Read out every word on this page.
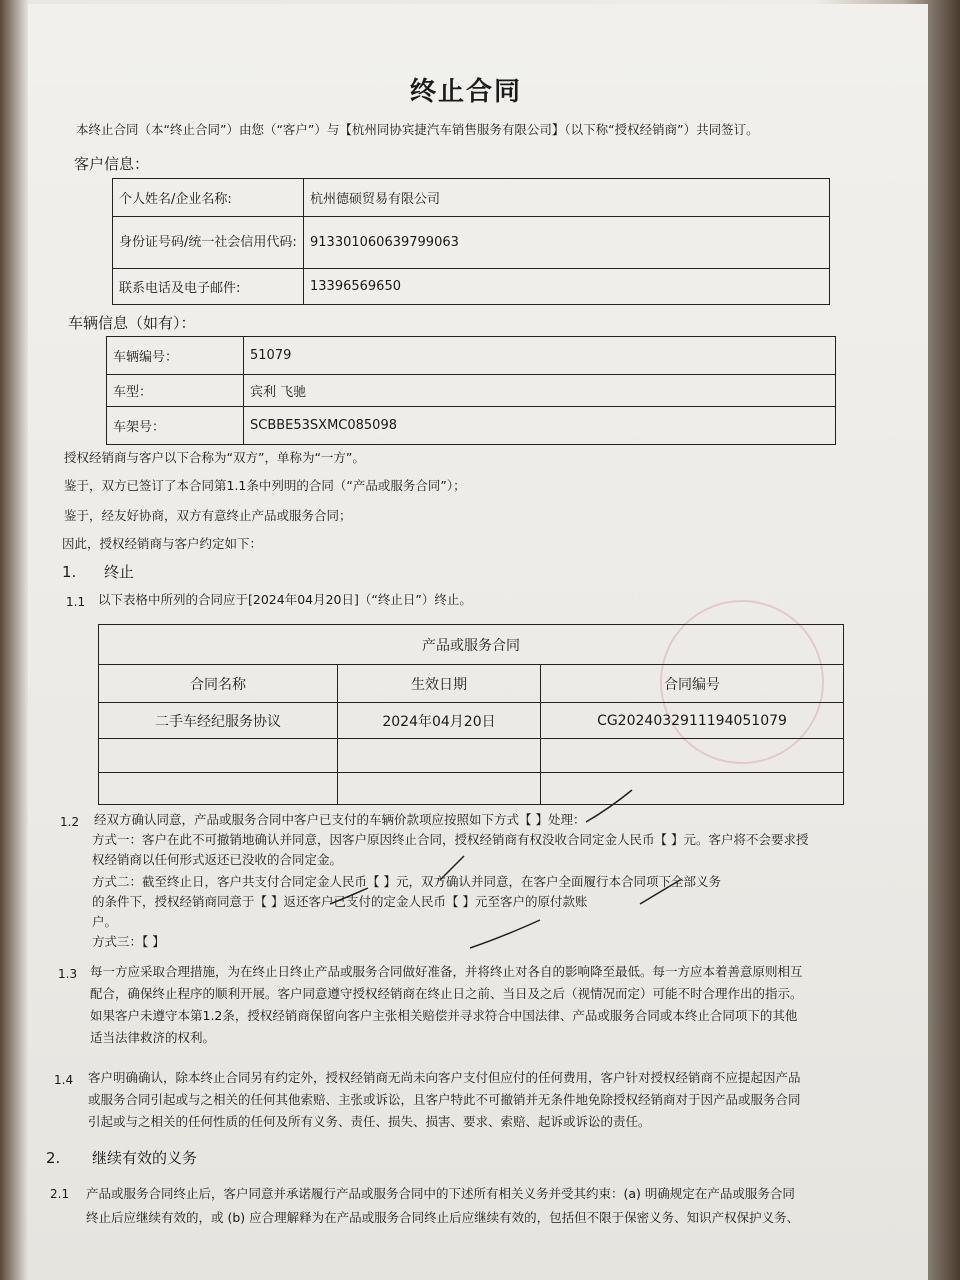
终止合同
本终止合同（本“终止合同”）由您（“客户”）与【杭州同协宾捷汽车销售服务有限公司】（以下称“授权经销商”）共同签订。
客户信息：
个人姓名/企业名称:	杭州德硕贸易有限公司
身份证号码/统一社会信用代码:	913301060639799063
联系电话及电子邮件:	13396569650
车辆信息（如有）：
车辆编号：	51079
车型：	宾利 飞驰
车架号：	SCBBE53SXMC085098
授权经销商与客户以下合称为“双方”，单称为“一方”。
鉴于，双方已签订了本合同第1.1条中列明的合同（“产品或服务合同”）；
鉴于，经友好协商，双方有意终止产品或服务合同；
因此，授权经销商与客户约定如下：
1. 终止
1.1 以下表格中所列的合同应于[2024年04月20日]（“终止日”）终止。
产品或服务合同		
合同名称	生效日期	合同编号
二手车经纪服务协议	2024年04月20日	CG20240329111940510​79

1.2 经双方确认同意，产品或服务合同中客户已支付的车辆价款项应按照如下方式【 】处理：
方式一：客户在此不可撤销地确认并同意，因客户原因终止合同，授权经销商有权没收合同定金人民币【 】元。客户将不会要求授
权经销商以任何形式返还已没收的合同定金。
方式二：截至终止日，客户共支付合同定金人民币【 】元，双方确认并同意，在客户全面履行本合同项下全部义务
的条件下，授权经销商同意于【 】返还客户已支付的定金人民币【 】元至客户的原付款账
户。
方式三：【 】
1.3 每一方应采取合理措施，为在终止日终止产品或服务合同做好准备，并将终止对各自的影响降至最低。每一方应本着善意原则相互
配合，确保终止程序的顺利开展。客户同意遵守授权经销商在终止日之前、当日及之后（视情况而定）可能不时合理作出的指示。
如果客户未遵守本第1.2条，授权经销商保留向客户主张相关赔偿并寻求符合中国法律、产品或服务合同或本终止合同项下的其他
适当法律救济的权利。
1.4 客户明确确认，除本终止合同另有约定外，授权经销商无尚未向客户支付但应付的任何费用，客户针对授权经销商不应提起因产品
或服务合同引起或与之相关的任何其他索赔、主张或诉讼，且客户特此不可撤销并无条件地免除授权经销商对于因产品或服务合同
引起或与之相关的任何性质的任何及所有义务、责任、损失、损害、要求、索赔、起诉或诉讼的责任。
2. 继续有效的义务
2.1 产品或服务合同终止后，客户同意并承诺履行产品或服务合同中的下述所有相关义务并受其约束：(a) 明确规定在产品或服务合同
终止后应继续有效的，或 (b) 应合理解释为在产品或服务合同终止后应继续有效的，包括但不限于保密义务、知识产权保护义务、
